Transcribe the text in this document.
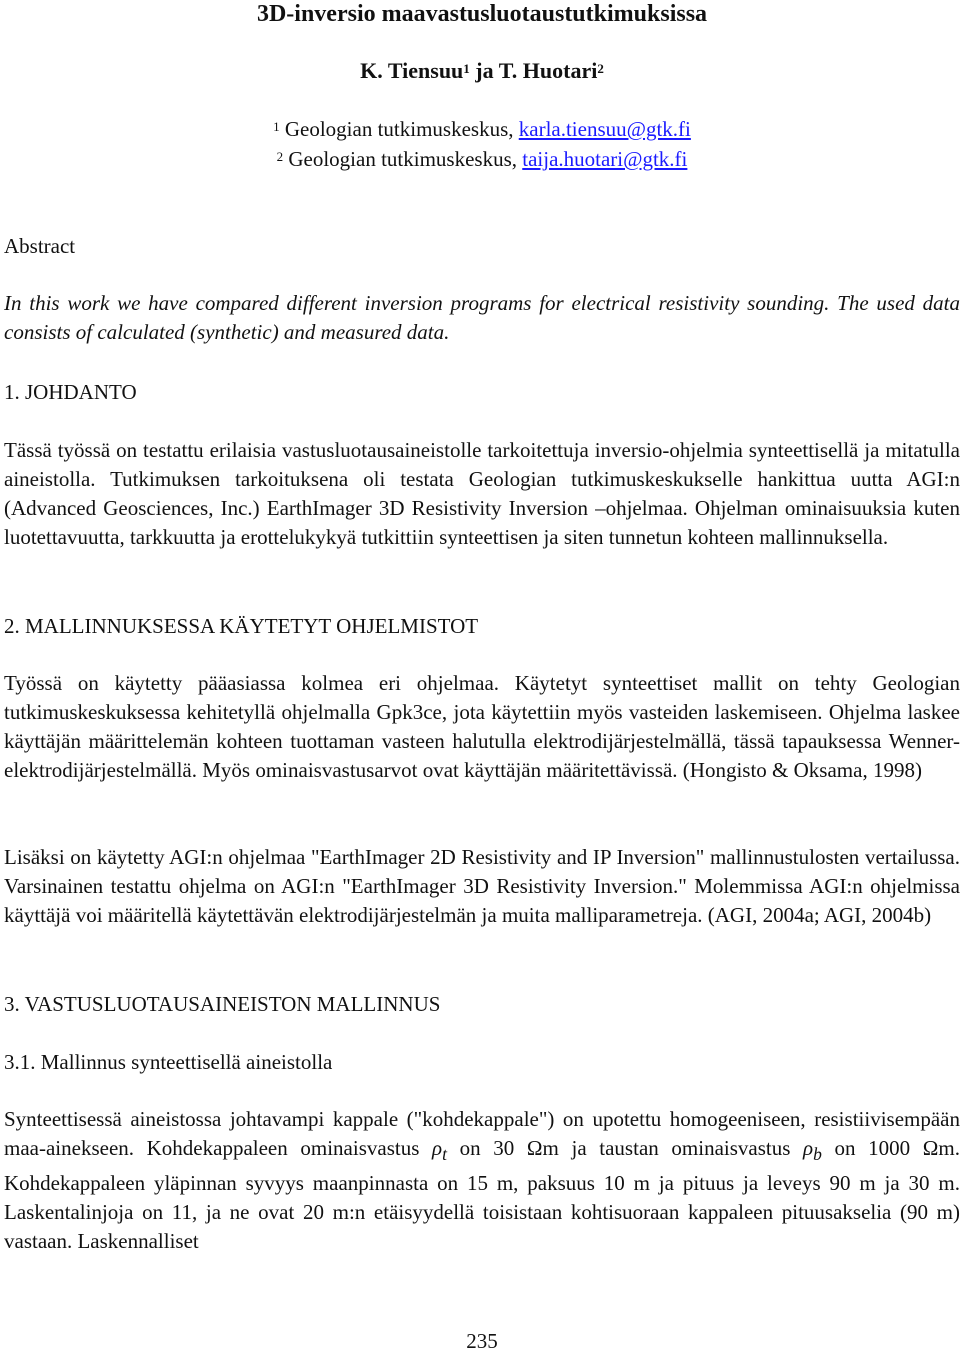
3D-inversio maavastusluotaustutkimuksissa
K. Tiensuu$^1$ ja T. Huotari$^2$
$^1$ Geologian tutkimuskeskus, karla.tiensuu@gtk.fi
$^2$ Geologian tutkimuskeskus, taija.huotari@gtk.fi
Abstract
In this work we have compared different inversion programs for electrical resistivity sounding. The used data consists of calculated (synthetic) and measured data.
1. JOHDANTO
Tässä työssä on testattu erilaisia vastusluotausaineistolle tarkoitettuja inversio-ohjelmia synteettisellä ja mitatulla aineistolla. Tutkimuksen tarkoituksena oli testata Geologian tutkimuskeskukselle hankittua uutta AGI:n (Advanced Geosciences, Inc.) EarthImager 3D Resistivity Inversion –ohjelmaa. Ohjelman ominaisuuksia kuten luotettavuutta, tarkkuutta ja erottelukykyä tutkittiin synteettisen ja siten tunnetun kohteen mallinnuksella.
2. MALLINNUKSESSA KÄYTETYT OHJELMISTOT
Työssä on käytetty pääasiassa kolmea eri ohjelmaa. Käytetyt synteettiset mallit on tehty Geologian tutkimuskeskuksessa kehitetyllä ohjelmalla Gpk3ce, jota käytettiin myös vasteiden laskemiseen. Ohjelma laskee käyttäjän määrittelemän kohteen tuottaman vasteen halutulla elektrodijärjestelmällä, tässä tapauksessa Wenner-elektrodijärjestelmällä. Myös ominaisvastusarvot ovat käyttäjän määritettävissä. (Hongisto & Oksama, 1998)
Lisäksi on käytetty AGI:n ohjelmaa "EarthImager 2D Resistivity and IP Inversion" mallinnustulosten vertailussa. Varsinainen testattu ohjelma on AGI:n "EarthImager 3D Resistivity Inversion." Molemmissa AGI:n ohjelmissa käyttäjä voi määritellä käytettävän elektrodijärjestelmän ja muita malliparametreja. (AGI, 2004a; AGI, 2004b)
3. VASTUSLUOTAUSAINEISTON MALLINNUS
3.1. Mallinnus synteettisellä aineistolla
Synteettisessä aineistossa johtavampi kappale ("kohdekappale") on upotettu homogeeniseen, resistiivisempään maa-ainekseen. Kohdekappaleen ominaisvastus $\rho_t$ on 30 Ωm ja taustan ominaisvastus $\rho_b$ on 1000 Ωm. Kohdekappaleen yläpinnan syvyys maanpinnasta on 15 m, paksuus 10 m ja pituus ja leveys 90 m ja 30 m. Laskentalinjoja on 11, ja ne ovat 20 m:n etäisyydellä toisistaan kohtisuoraan kappaleen pituusakselia (90 m) vastaan. Laskennalliset
235
